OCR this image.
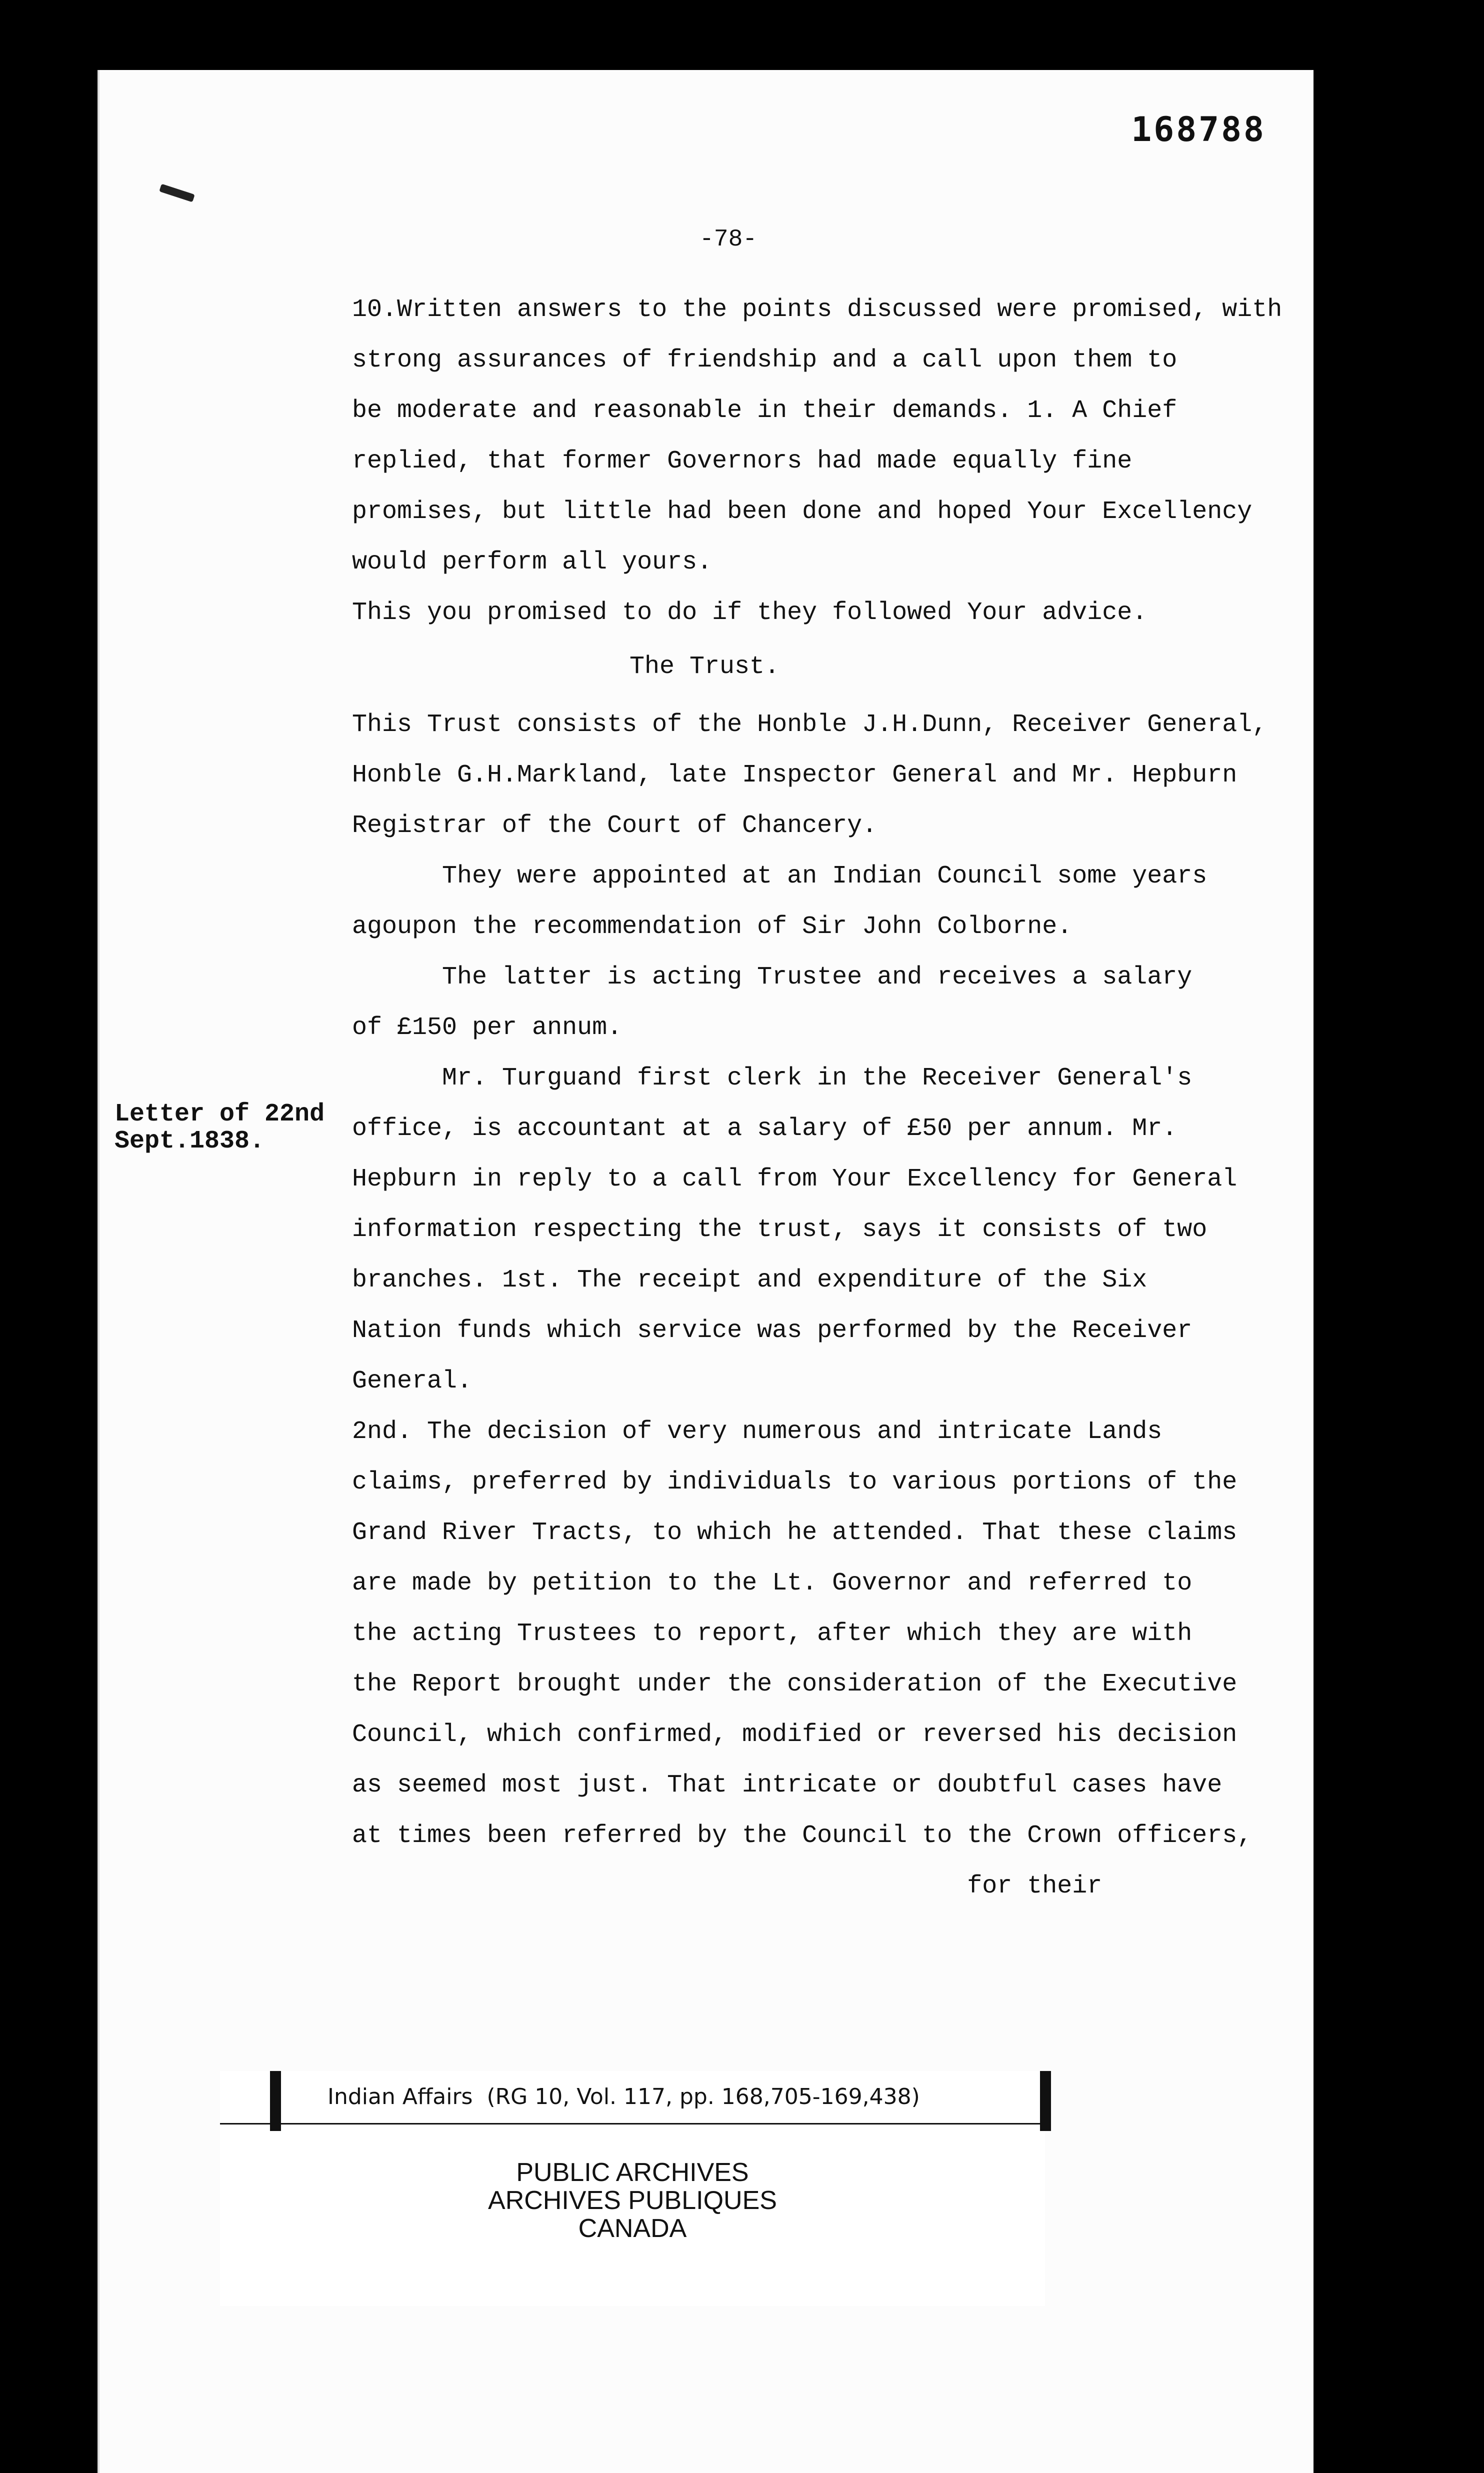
168788
-78-
10.Written answers to the points discussed were promised, with
strong assurances of friendship and a call upon them to
be moderate and reasonable in their demands. 1. A Chief
replied, that former Governors had made equally fine
promises, but little had been done and hoped Your Excellency
would perform all yours.
This you promised to do if they followed Your advice.
The Trust.
This Trust consists of the Honble J.H.Dunn, Receiver General,
Honble G.H.Markland, late Inspector General and Mr. Hepburn
Registrar of the Court of Chancery.
They were appointed at an Indian Council some years
agoupon the recommendation of Sir John Colborne.
The latter is acting Trustee and receives a salary
of £150 per annum.
Mr. Turguand first clerk in the Receiver General's
office, is accountant at a salary of £50 per annum. Mr.
Hepburn in reply to a call from Your Excellency for General
information respecting the trust, says it consists of two
branches. 1st. The receipt and expenditure of the Six
Nation funds which service was performed by the Receiver
General.
2nd. The decision of very numerous and intricate Lands
claims, preferred by individuals to various portions of the
Grand River Tracts, to which he attended. That these claims
are made by petition to the Lt. Governor and referred to
the acting Trustees to report, after which they are with
the Report brought under the consideration of the Executive
Council, which confirmed, modified or reversed his decision
as seemed most just. That intricate or doubtful cases have
at times been referred by the Council to the Crown officers,
for their
Letter of 22nd
Sept.1838.
Indian Affairs  (RG 10, Vol. 117, pp. 168,705-169,438)
PUBLIC ARCHIVES
ARCHIVES PUBLIQUES
CANADA
